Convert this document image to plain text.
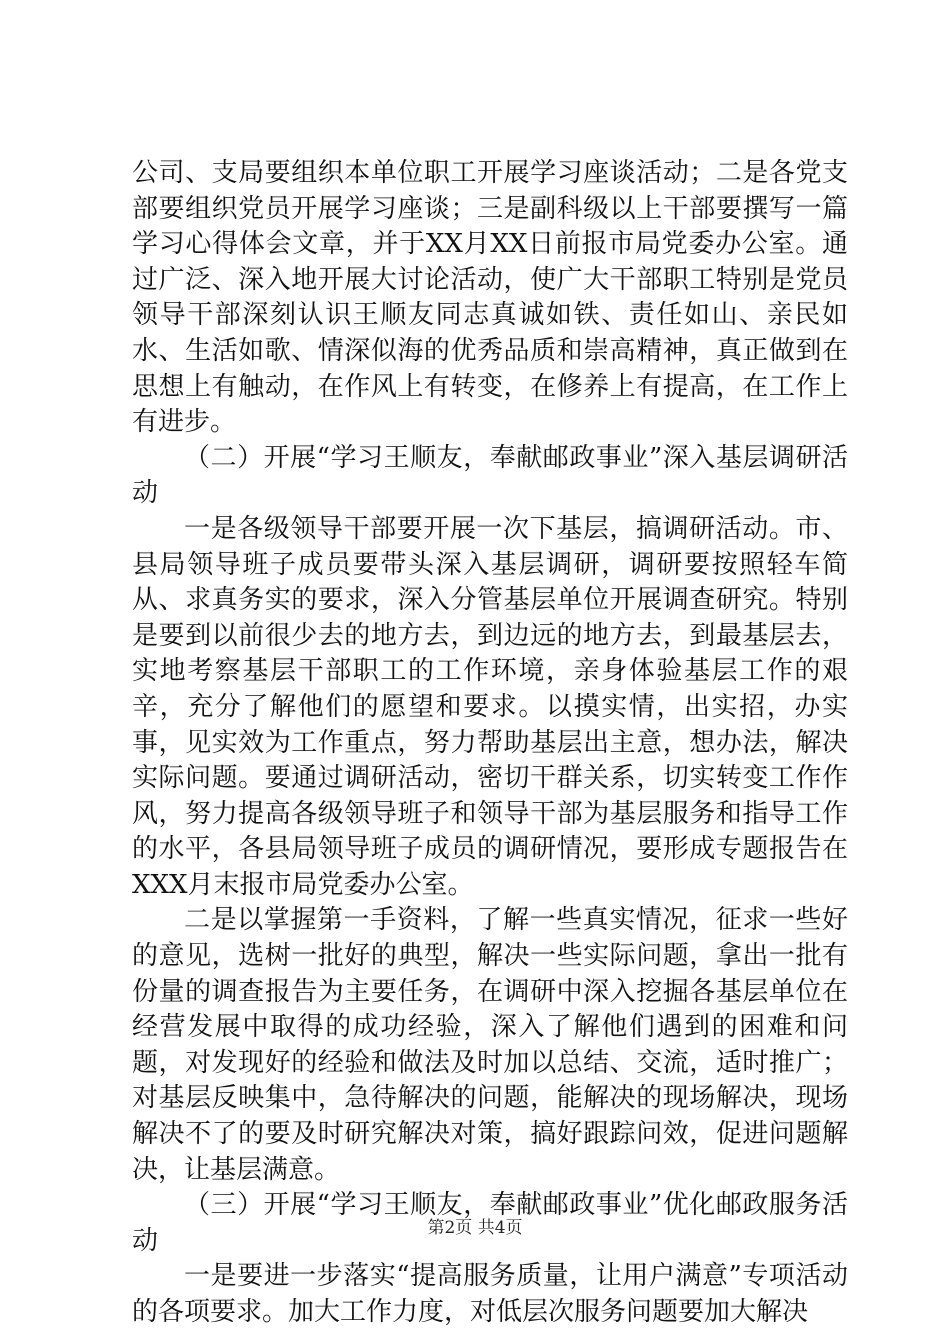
公司、支局要组织本单位职工开展学习座谈活动；二是各党支部要组织党员开展学习座谈；三是副科级以上干部要撰写一篇学习心得体会文章，并于XX月XX日前报市局党委办公室。通过广泛、深入地开展大讨论活动，使广大干部职工特别是党员领导干部深刻认识王顺友同志真诚如铁、责任如山、亲民如水、生活如歌、情深似海的优秀品质和崇高精神，真正做到在思想上有触动，在作风上有转变，在修养上有提高，在工作上有进步。

（二）开展“学习王顺友，奉献邮政事业”深入基层调研活动

一是各级领导干部要开展一次下基层，搞调研活动。市、县局领导班子成员要带头深入基层调研，调研要按照轻车简从、求真务实的要求，深入分管基层单位开展调查研究。特别是要到以前很少去的地方去，到边远的地方去，到最基层去，实地考察基层干部职工的工作环境，亲身体验基层工作的艰辛，充分了解他们的愿望和要求。以摸实情，出实招，办实事，见实效为工作重点，努力帮助基层出主意，想办法，解决实际问题。要通过调研活动，密切干群关系，切实转变工作作风，努力提高各级领导班子和领导干部为基层服务和指导工作的水平，各县局领导班子成员的调研情况，要形成专题报告在XXX月末报市局党委办公室。

二是以掌握第一手资料，了解一些真实情况，征求一些好的意见，选树一批好的典型，解决一些实际问题，拿出一批有份量的调查报告为主要任务，在调研中深入挖掘各基层单位在经营发展中取得的成功经验，深入了解他们遇到的困难和问题，对发现好的经验和做法及时加以总结、交流，适时推广；对基层反映集中，急待解决的问题，能解决的现场解决，现场解决不了的要及时研究解决对策，搞好跟踪问效，促进问题解决，让基层满意。

（三）开展“学习王顺友，奉献邮政事业”优化邮政服务活动

一是要进一步落实“提高服务质量，让用户满意”专项活动的各项要求。加大工作力度，对低层次服务问题要加大解决

第2页 共4页
